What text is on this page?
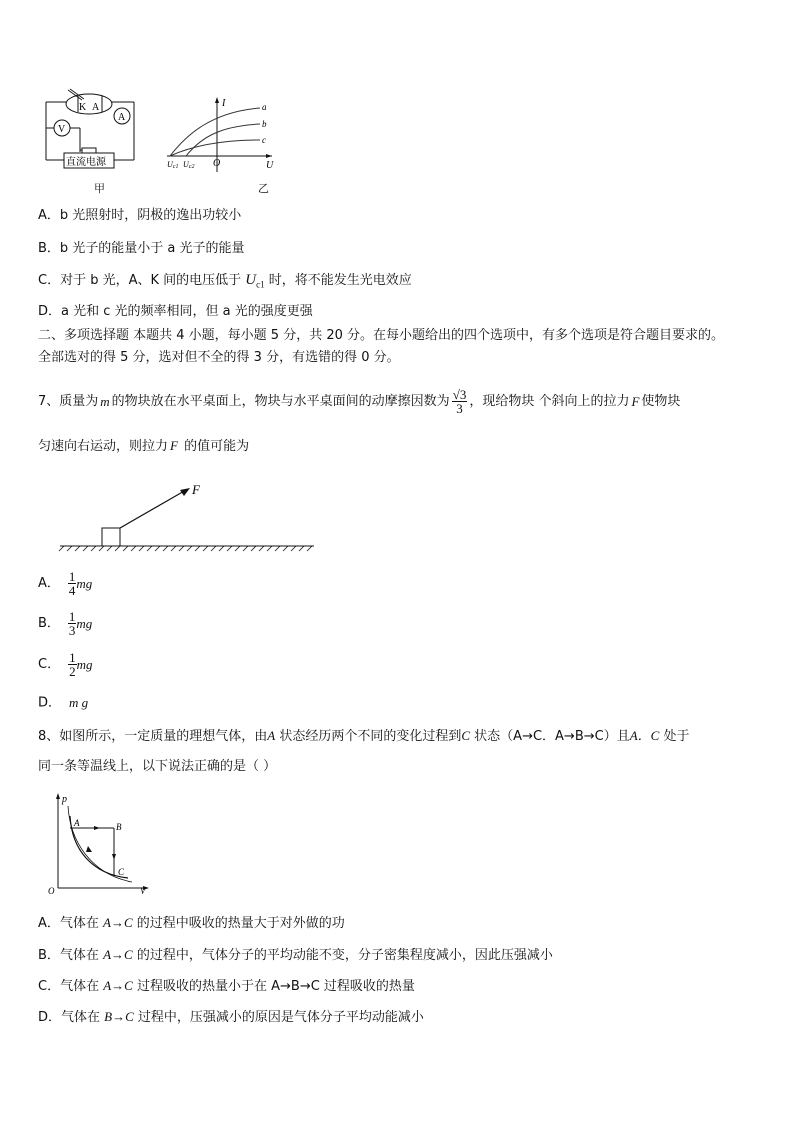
K A
V
A
直流电源
甲
I
U
O
a
b
c
Uc1 Uc2
乙
A．b 光照射时，阴极的逸出功较小
B．b 光子的能量小于 a 光子的能量
C．对于 b 光，A、K 间的电压低于 $U_{c1}$ 时，将不能发生光电效应
D．a 光和 c 光的频率相同，但 a 光的强度更强
二、多项选择题 本题共 4 小题，每小题 5 分，共 20 分。在每小题给出的四个选项中，有多个选项是符合题目要求的。
全部选对的得 5 分，选对但不全的得 3 分，有选错的得 0 分。
7、质量为 m 的物块放在水平桌面上，物块与水平桌面间的动摩擦因数为 $\frac{√3}{3}$ ，现给物块 个斜向上的拉力 F 使物块
匀速向右运动，则拉力 F 的值可能为
F
A． $\frac{1}{4}$ mg
B． $\frac{1}{3}$ mg
C． $\frac{1}{2}$ mg
D． m g
8、如图所示，一定质量的理想气体，由A 状态经历两个不同的变化过程到C 状态（A→C．A→B→C）且A．C 处于
同一条等温线上，以下说法正确的是（ ）
p
V
O
A	B
C
A．气体在 A→C 的过程中吸收的热量大于对外做的功
B．气体在 A→C 的过程中，气体分子的平均动能不变，分子密集程度减小，因此压强减小
C．气体在 A→C 过程吸收的热量小于在 A→B→C 过程吸收的热量
D．气体在 B→C 过程中，压强减小的原因是气体分子平均动能减小
